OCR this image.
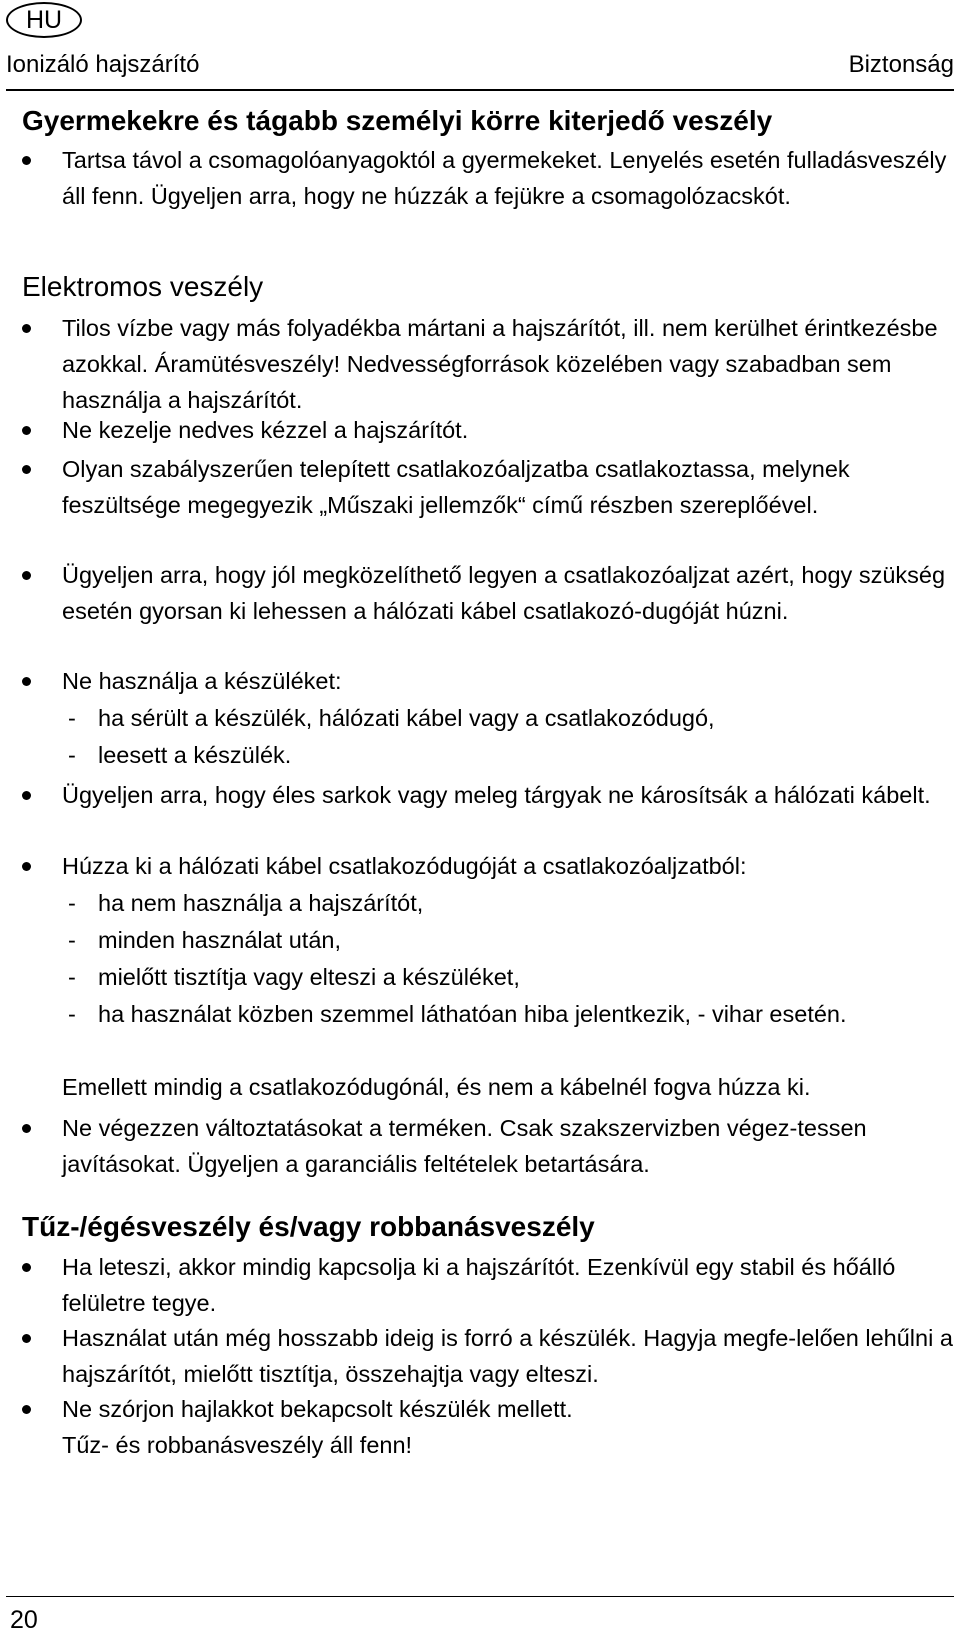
HU
Ionizáló hajszárító	Biztonság
Gyermekekre és tágabb személyi körre kiterjedő veszély
Tartsa távol a csomagolóanyagoktól a gyermekeket. Lenyelés esetén fulladásveszély áll fenn. Ügyeljen arra, hogy ne húzzák a fejükre a csomagolózacskót.
Elektromos veszély
Tilos vízbe vagy más folyadékba mártani a hajszárítót, ill. nem kerülhet érintkezésbe azokkal. Áramütésveszély! Nedvességforrások közelében vagy szabadban sem használja a hajszárítót.
Ne kezelje nedves kézzel a hajszárítót.
Olyan szabályszerűen telepített csatlakozóaljzatba csatlakoztassa, melynek feszültsége megegyezik „Műszaki jellemzők“ című részben szereplőével.
Ügyeljen arra, hogy jól megközelíthető legyen a csatlakozóaljzat azért, hogy szükség esetén gyorsan ki lehessen a hálózati kábel csatlakozó-dugóját húzni.
Ne használja a készüléket:
- ha sérült a készülék, hálózati kábel vagy a csatlakozódugó,
- leesett a készülék.
Ügyeljen arra, hogy éles sarkok vagy meleg tárgyak ne károsítsák a hálózati kábelt.
Húzza ki a hálózati kábel csatlakozódugóját a csatlakozóaljzatból:
- ha nem használja a hajszárítót,
- minden használat után,
- mielőtt tisztítja vagy elteszi a készüléket,
- ha használat közben szemmel láthatóan hiba jelentkezik, - vihar esetén.
Emellett mindig a csatlakozódugónál, és nem a kábelnél fogva húzza ki.
Ne végezzen változtatásokat a terméken. Csak szakszervizben végez-tessen javításokat. Ügyeljen a garanciális feltételek betartására.
Tűz-/égésveszély és/vagy robbanásveszély
Ha leteszi, akkor mindig kapcsolja ki a hajszárítót. Ezenkívül egy stabil és hőálló felületre tegye.
Használat után még hosszabb ideig is forró a készülék. Hagyja megfe-lelően lehűlni a hajszárítót, mielőtt tisztítja, összehajtja vagy elteszi.
Ne szórjon hajlakkot bekapcsolt készülék mellett.
Tűz- és robbanásveszély áll fenn!
20
